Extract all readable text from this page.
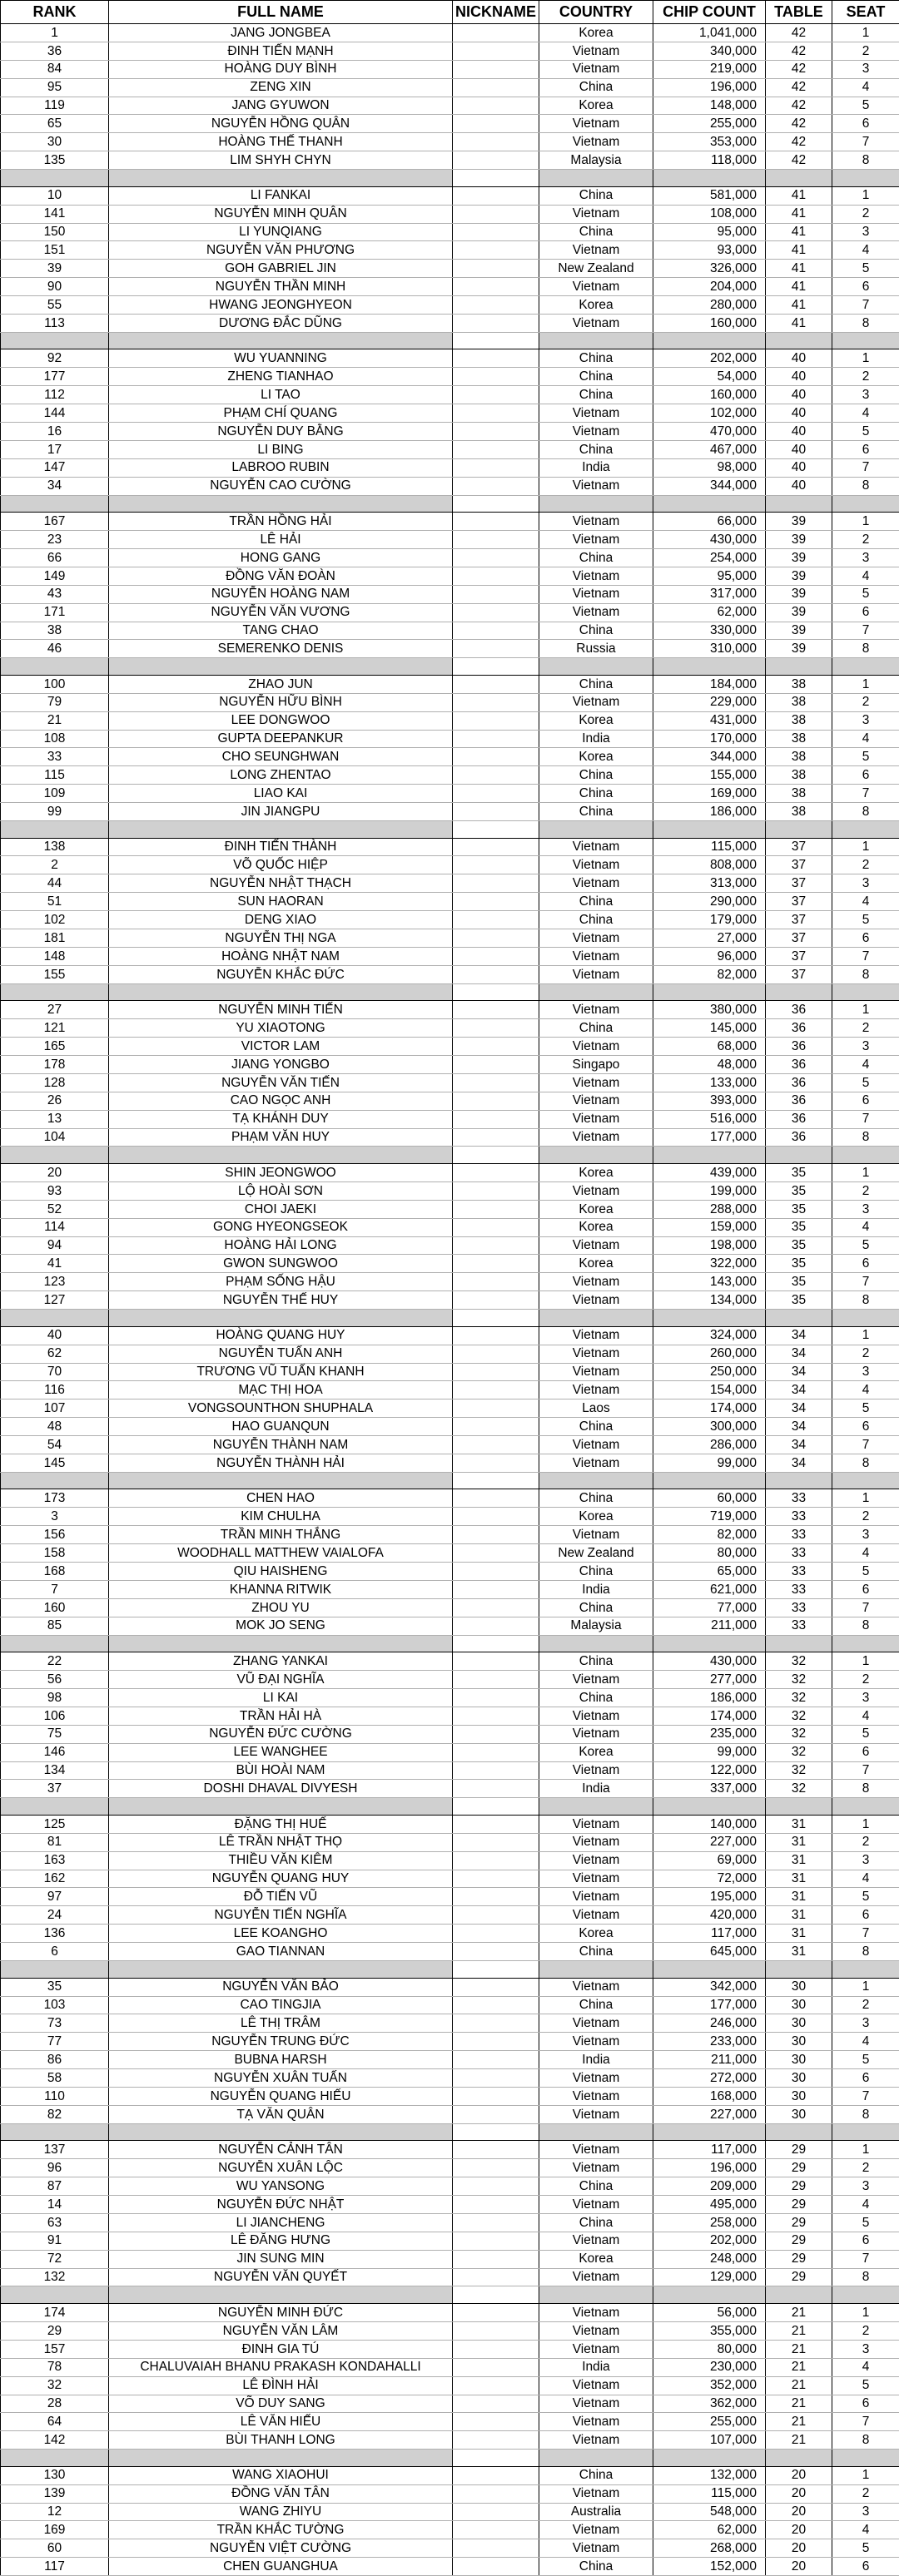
RANK	FULL NAME	NICKNAME	COUNTRY	CHIP COUNT	TABLE	SEAT
1	JANG JONGBEA		Korea	1,041,000	42	1
36	ĐINH TIẾN MẠNH		Vietnam	340,000	42	2
84	HOÀNG DUY BÌNH		Vietnam	219,000	42	3
95	ZENG XIN		China	196,000	42	4
119	JANG GYUWON		Korea	148,000	42	5
65	NGUYỄN HỒNG QUÂN		Vietnam	255,000	42	6
30	HOÀNG THẾ THANH		Vietnam	353,000	42	7
135	LIM SHYH CHYN		Malaysia	118,000	42	8

10	LI FANKAI		China	581,000	41	1
141	NGUYỄN MINH QUÂN		Vietnam	108,000	41	2
150	LI YUNQIANG		China	95,000	41	3
151	NGUYỄN VĂN PHƯƠNG		Vietnam	93,000	41	4
39	GOH GABRIEL JIN		New Zealand	326,000	41	5
90	NGUYỄN THẦN MINH		Vietnam	204,000	41	6
55	HWANG JEONGHYEON		Korea	280,000	41	7
113	DƯƠNG ĐẮC DŨNG		Vietnam	160,000	41	8

92	WU YUANNING		China	202,000	40	1
177	ZHENG TIANHAO		China	54,000	40	2
112	LI TAO		China	160,000	40	3
144	PHẠM CHÍ QUANG		Vietnam	102,000	40	4
16	NGUYỄN DUY BẰNG		Vietnam	470,000	40	5
17	LI BING		China	467,000	40	6
147	LABROO RUBIN		India	98,000	40	7
34	NGUYỄN CAO CƯỜNG		Vietnam	344,000	40	8

167	TRẦN HỒNG HẢI		Vietnam	66,000	39	1
23	LÊ HẢI		Vietnam	430,000	39	2
66	HONG GANG		China	254,000	39	3
149	ĐỒNG VĂN ĐOÀN		Vietnam	95,000	39	4
43	NGUYỄN HOÀNG NAM		Vietnam	317,000	39	5
171	NGUYỄN VĂN VƯƠNG		Vietnam	62,000	39	6
38	TANG CHAO		China	330,000	39	7
46	SEMERENKO DENIS		Russia	310,000	39	8

100	ZHAO JUN		China	184,000	38	1
79	NGUYỄN HỮU BÌNH		Vietnam	229,000	38	2
21	LEE DONGWOO		Korea	431,000	38	3
108	GUPTA DEEPANKUR		India	170,000	38	4
33	CHO SEUNGHWAN		Korea	344,000	38	5
115	LONG ZHENTAO		China	155,000	38	6
109	LIAO KAI		China	169,000	38	7
99	JIN JIANGPU		China	186,000	38	8

138	ĐINH TIẾN THÀNH		Vietnam	115,000	37	1
2	VÕ QUỐC HIỆP		Vietnam	808,000	37	2
44	NGUYỄN NHẬT THẠCH		Vietnam	313,000	37	3
51	SUN HAORAN		China	290,000	37	4
102	DENG XIAO		China	179,000	37	5
181	NGUYỄN THỊ NGA		Vietnam	27,000	37	6
148	HOÀNG NHẬT NAM		Vietnam	96,000	37	7
155	NGUYỄN KHẮC ĐỨC		Vietnam	82,000	37	8

27	NGUYỄN MINH TIẾN		Vietnam	380,000	36	1
121	YU XIAOTONG		China	145,000	36	2
165	VICTOR LAM		Vietnam	68,000	36	3
178	JIANG YONGBO		Singapo	48,000	36	4
128	NGUYỄN VĂN TIẾN		Vietnam	133,000	36	5
26	CAO NGỌC ANH		Vietnam	393,000	36	6
13	TẠ KHÁNH DUY		Vietnam	516,000	36	7
104	PHẠM VĂN HUY		Vietnam	177,000	36	8

20	SHIN JEONGWOO		Korea	439,000	35	1
93	LỘ HOÀI SƠN		Vietnam	199,000	35	2
52	CHOI JAEKI		Korea	288,000	35	3
114	GONG HYEONGSEOK		Korea	159,000	35	4
94	HOÀNG HẢI LONG		Vietnam	198,000	35	5
41	GWON SUNGWOO		Korea	322,000	35	6
123	PHẠM SỐNG HẬU		Vietnam	143,000	35	7
127	NGUYỄN THẾ HUY		Vietnam	134,000	35	8

40	HOÀNG QUANG HUY		Vietnam	324,000	34	1
62	NGUYỄN TUẤN ANH		Vietnam	260,000	34	2
70	TRƯƠNG VŨ TUẤN KHANH		Vietnam	250,000	34	3
116	MẠC THỊ HOA		Vietnam	154,000	34	4
107	VONGSOUNTHON SHUPHALA		Laos	174,000	34	5
48	HAO GUANQUN		China	300,000	34	6
54	NGUYỄN THÀNH NAM		Vietnam	286,000	34	7
145	NGUYỄN THÀNH HẢI		Vietnam	99,000	34	8

173	CHEN HAO		China	60,000	33	1
3	KIM CHULHA		Korea	719,000	33	2
156	TRẦN MINH THẮNG		Vietnam	82,000	33	3
158	WOODHALL MATTHEW VAIALOFA		New Zealand	80,000	33	4
168	QIU HAISHENG		China	65,000	33	5
7	KHANNA RITWIK		India	621,000	33	6
160	ZHOU YU		China	77,000	33	7
85	MOK JO SENG		Malaysia	211,000	33	8

22	ZHANG YANKAI		China	430,000	32	1
56	VŨ ĐẠI NGHĨA		Vietnam	277,000	32	2
98	LI KAI		China	186,000	32	3
106	TRẦN HẢI HÀ		Vietnam	174,000	32	4
75	NGUYỄN ĐỨC CƯỜNG		Vietnam	235,000	32	5
146	LEE WANGHEE		Korea	99,000	32	6
134	BÙI HOÀI NAM		Vietnam	122,000	32	7
37	DOSHI DHAVAL DIVYESH		India	337,000	32	8

125	ĐẶNG THỊ HUẾ		Vietnam	140,000	31	1
81	LÊ TRẦN NHẬT THỌ		Vietnam	227,000	31	2
163	THIỀU VĂN KIÊM		Vietnam	69,000	31	3
162	NGUYỄN QUANG HUY		Vietnam	72,000	31	4
97	ĐỖ TIẾN VŨ		Vietnam	195,000	31	5
24	NGUYỄN TIẾN NGHĨA		Vietnam	420,000	31	6
136	LEE KOANGHO		Korea	117,000	31	7
6	GAO TIANNAN		China	645,000	31	8

35	NGUYỄN VĂN BẢO		Vietnam	342,000	30	1
103	CAO TINGJIA		China	177,000	30	2
73	LÊ THỊ TRÂM		Vietnam	246,000	30	3
77	NGUYỄN TRUNG ĐỨC		Vietnam	233,000	30	4
86	BUBNA HARSH		India	211,000	30	5
58	NGUYỄN XUÂN TUẤN		Vietnam	272,000	30	6
110	NGUYỄN QUANG HIẾU		Vietnam	168,000	30	7
82	TẠ VĂN QUÂN		Vietnam	227,000	30	8

137	NGUYỄN CẢNH TÂN		Vietnam	117,000	29	1
96	NGUYỄN XUÂN LỘC		Vietnam	196,000	29	2
87	WU YANSONG		China	209,000	29	3
14	NGUYỄN ĐỨC NHẬT		Vietnam	495,000	29	4
63	LI JIANCHENG		China	258,000	29	5
91	LÊ ĐĂNG HƯNG		Vietnam	202,000	29	6
72	JIN SUNG MIN		Korea	248,000	29	7
132	NGUYỄN VĂN QUYẾT		Vietnam	129,000	29	8

174	NGUYỄN MINH ĐỨC		Vietnam	56,000	21	1
29	NGUYỄN VĂN LÂM		Vietnam	355,000	21	2
157	ĐINH GIA TÚ		Vietnam	80,000	21	3
78	CHALUVAIAH BHANU PRAKASH KONDAHALLI		India	230,000	21	4
32	LÊ ĐÌNH HẢI		Vietnam	352,000	21	5
28	VÕ DUY SANG		Vietnam	362,000	21	6
64	LÊ VĂN HIẾU		Vietnam	255,000	21	7
142	BÙI THANH LONG		Vietnam	107,000	21	8

130	WANG XIAOHUI		China	132,000	20	1
139	ĐỒNG VĂN TÂN		Vietnam	115,000	20	2
12	WANG ZHIYU		Australia	548,000	20	3
169	TRẦN KHẮC TƯỜNG		Vietnam	62,000	20	4
60	NGUYỄN VIỆT CƯỜNG		Vietnam	268,000	20	5
117	CHEN GUANGHUA		China	152,000	20	6
